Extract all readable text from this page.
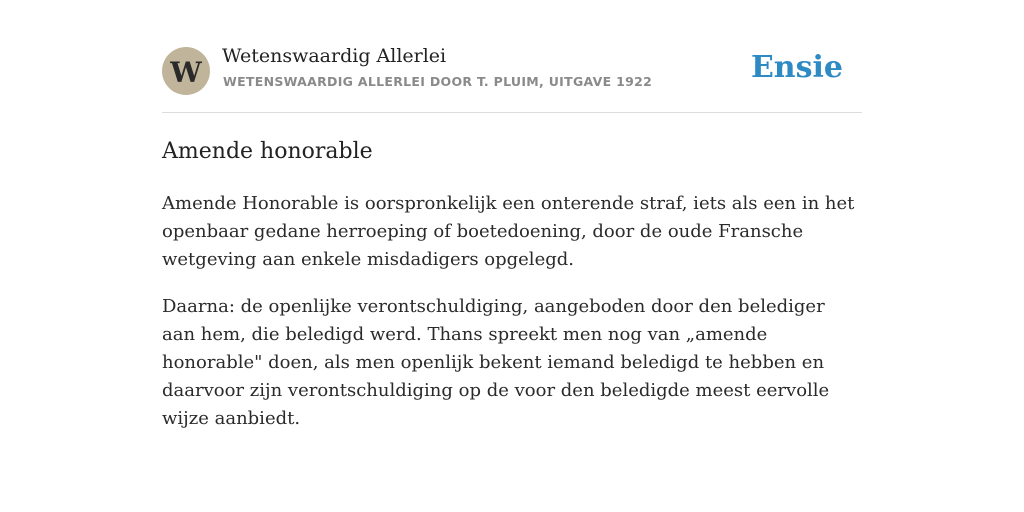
W Wetenswaardig Allerlei
WETENSWAARDIG ALLERLEI DOOR T. PLUIM, UITGAVE 1922	Ensie
Amende honorable

Amende Honorable is oorspronkelijk een onterende straf, iets als een in het openbaar gedane herroeping of boetedoening, door de oude Fransche wetgeving aan enkele misdadigers opgelegd.

Daarna: de openlijke verontschuldiging, aangeboden door den belediger aan hem, die beledigd werd. Thans spreekt men nog van „amende honorable" doen, als men openlijk bekent iemand beledigd te hebben en daarvoor zijn verontschuldiging op de voor den beledigde meest eervolle wijze aanbiedt.
